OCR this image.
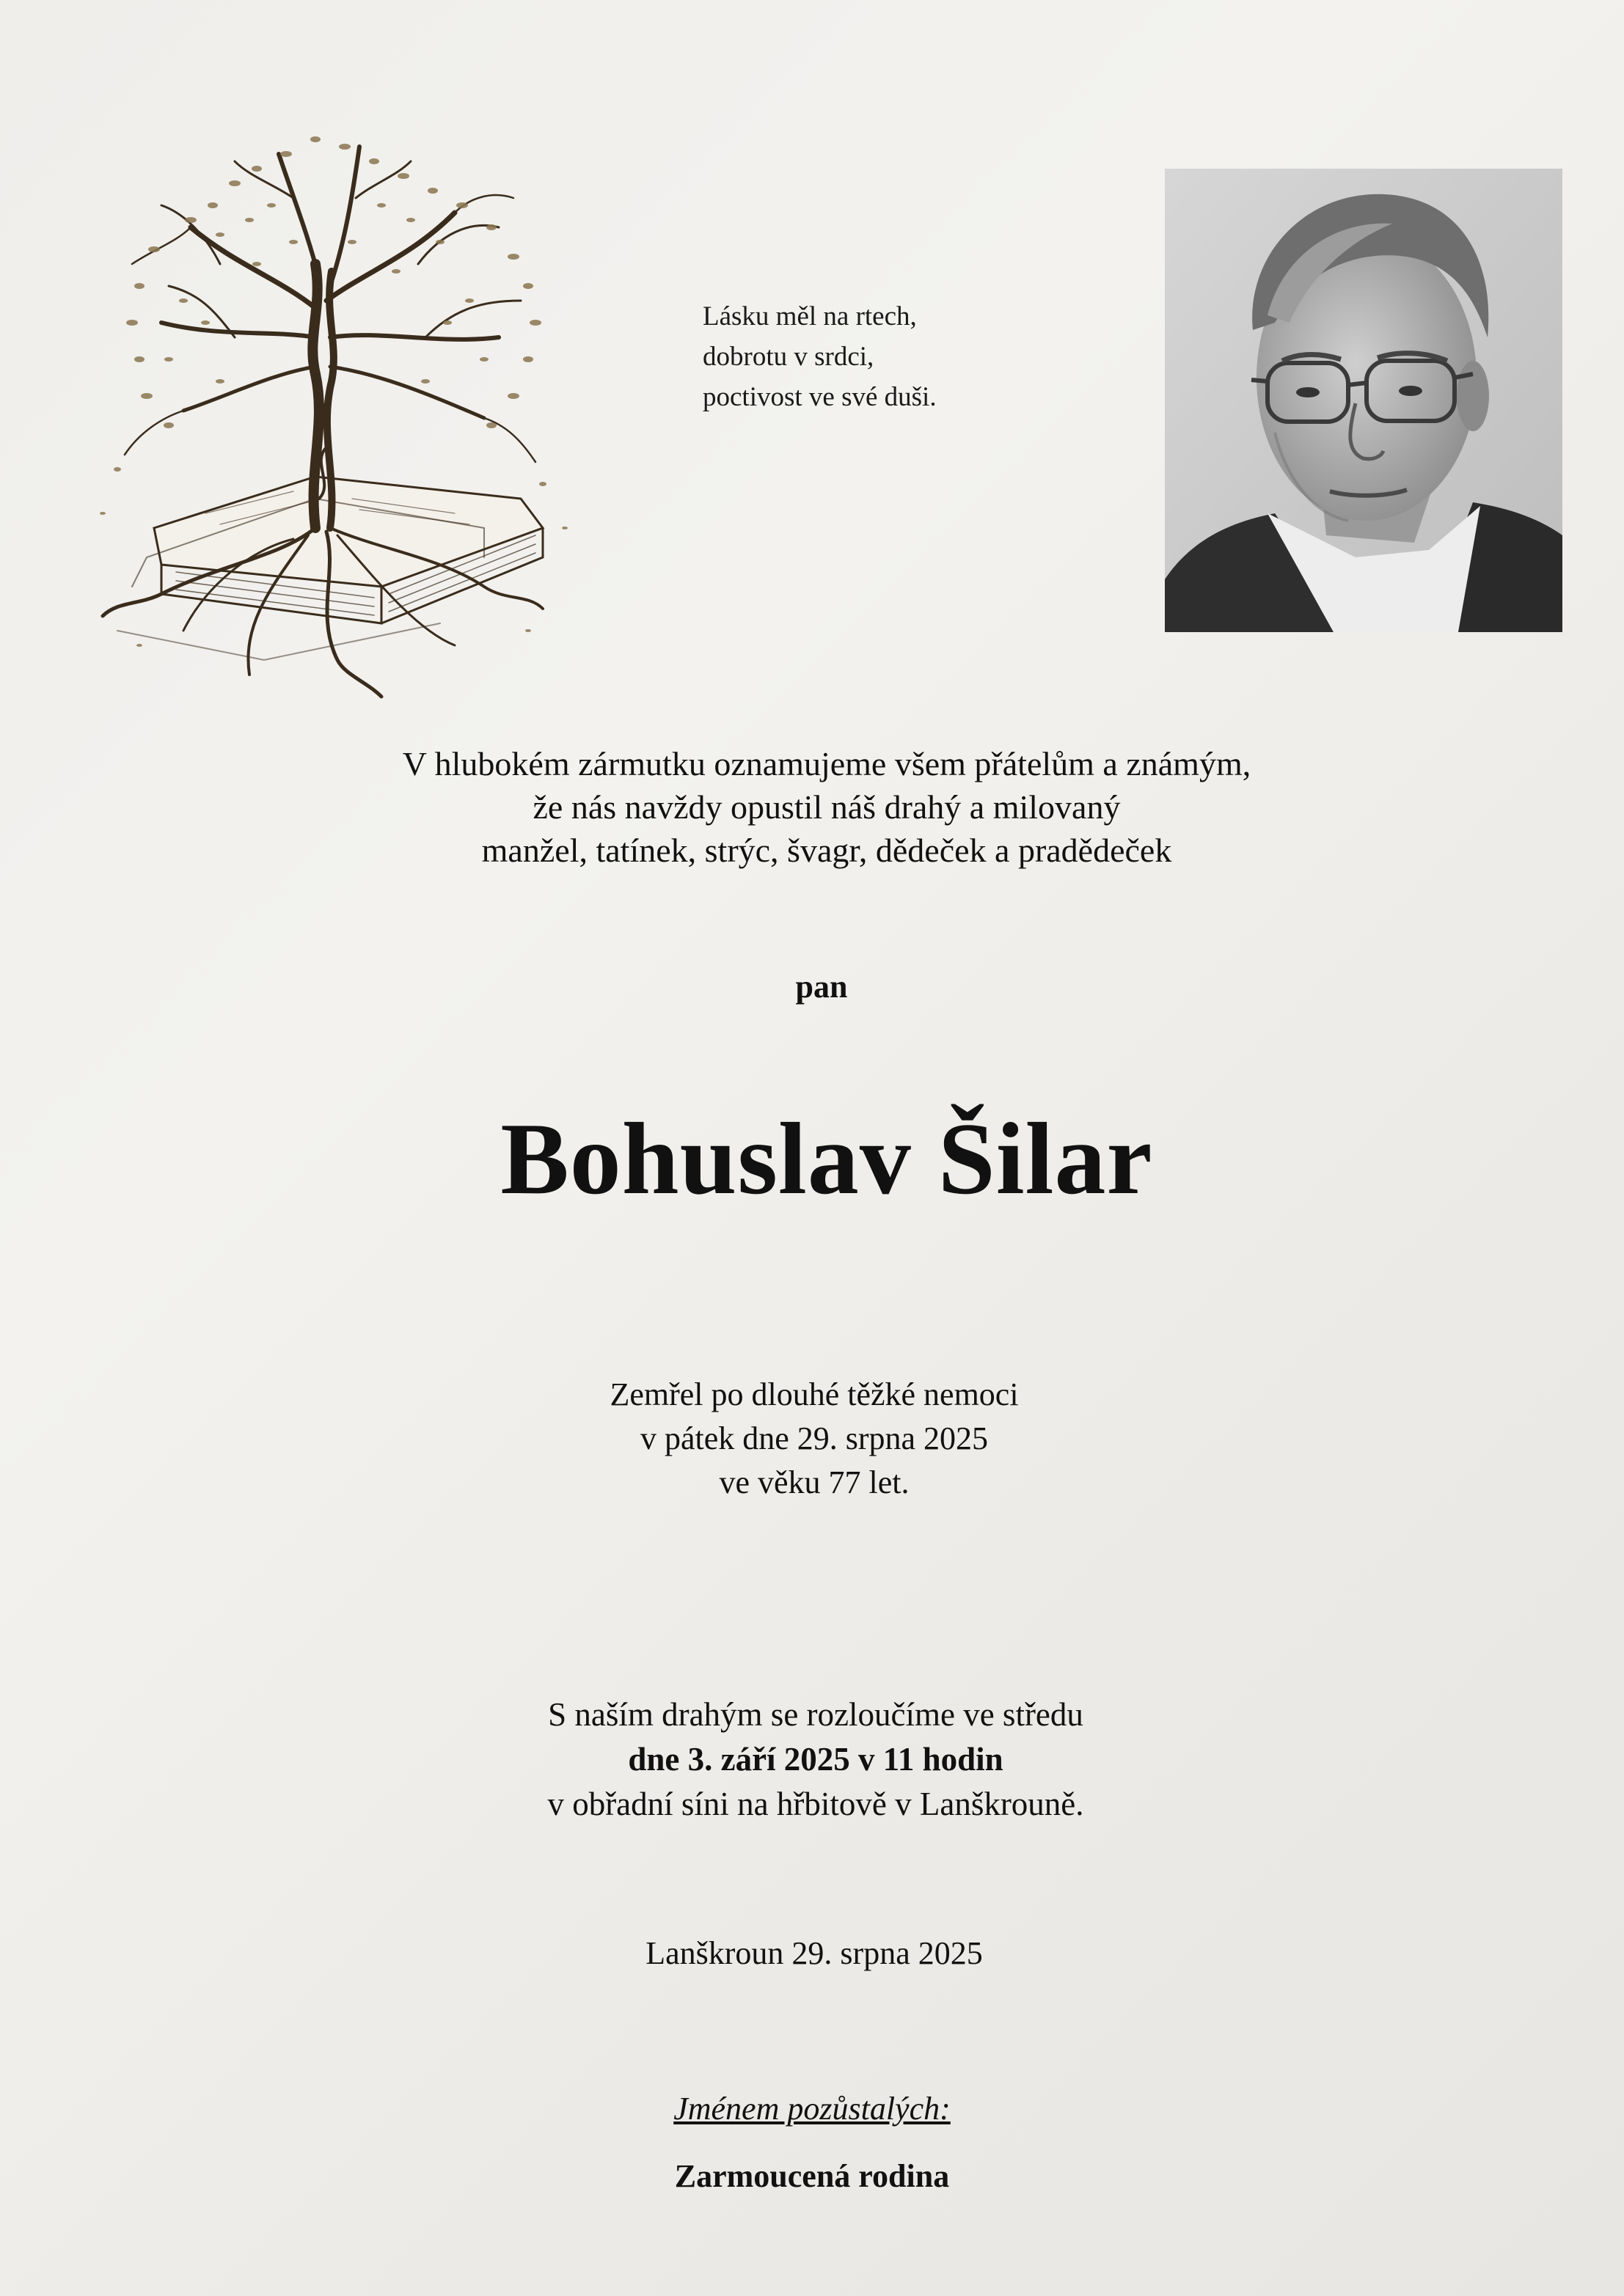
Lásku měl na rtech,
dobrotu v srdci,
poctivost ve své duši.
V hlubokém zármutku oznamujeme všem přátelům a známým,
že nás navždy opustil náš drahý a milovaný
manžel, tatínek, strýc, švagr, dědeček a pradědeček
pan
Bohuslav Šilar
Zemřel po dlouhé těžké nemoci
v pátek dne 29. srpna 2025
ve věku 77 let.
S naším drahým se rozloučíme ve středu
dne 3. září 2025 v 11 hodin
v obřadní síni na hřbitově v Lanškrouně.
Lanškroun 29. srpna 2025
Jménem pozůstalých:
Zarmoucená rodina
